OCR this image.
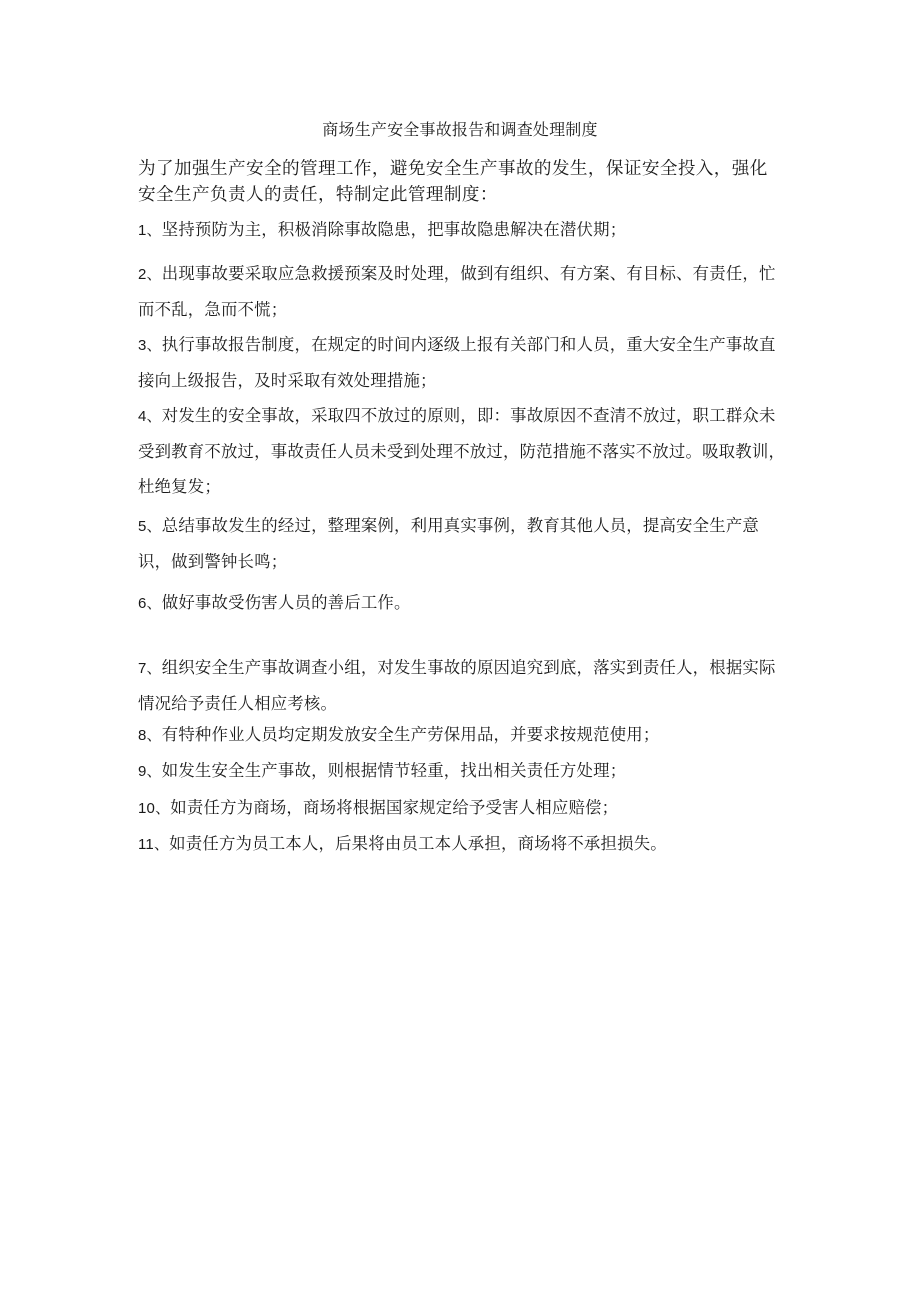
商场生产安全事故报告和调查处理制度
为了加强生产安全的管理工作，避免安全生产事故的发生，保证安全投入，强化安全生产负责人的责任，特制定此管理制度：
1、坚持预防为主，积极消除事故隐患，把事故隐患解决在潜伏期；
2、出现事故要采取应急救援预案及时处理，做到有组织、有方案、有目标、有责任，忙而不乱，急而不慌；
3、执行事故报告制度，在规定的时间内逐级上报有关部门和人员，重大安全生产事故直接向上级报告，及时采取有效处理措施；
4、对发生的安全事故，采取四不放过的原则，即：事故原因不查清不放过，职工群众未受到教育不放过，事故责任人员未受到处理不放过，防范措施不落实不放过。吸取教训，杜绝复发；
5、总结事故发生的经过，整理案例，利用真实事例，教育其他人员，提高安全生产意识，做到警钟长鸣；
6、做好事故受伤害人员的善后工作。
7、组织安全生产事故调查小组，对发生事故的原因追究到底，落实到责任人，根据实际情况给予责任人相应考核。
8、有特种作业人员均定期发放安全生产劳保用品，并要求按规范使用；
9、如发生安全生产事故，则根据情节轻重，找出相关责任方处理；
10、如责任方为商场，商场将根据国家规定给予受害人相应赔偿；
11、如责任方为员工本人，后果将由员工本人承担，商场将不承担损失。
